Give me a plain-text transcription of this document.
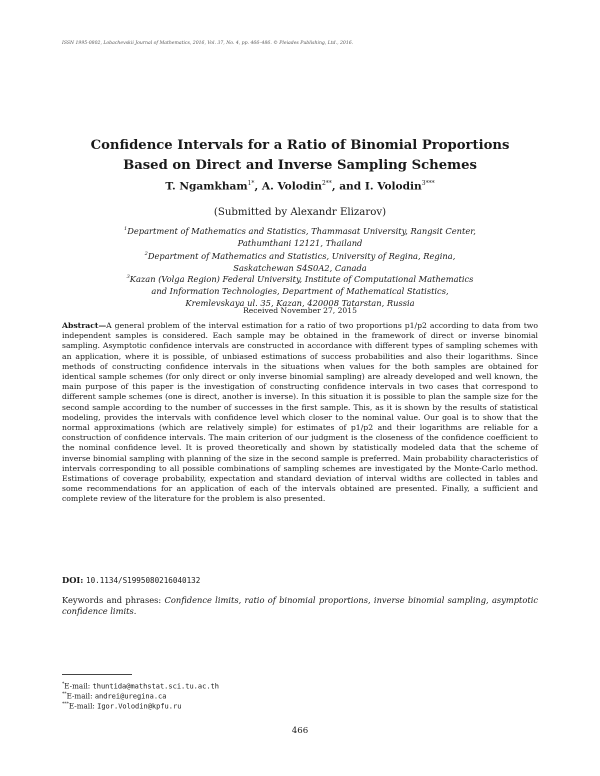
ISSN 1995-0802, Lobachevskii Journal of Mathematics, 2016, Vol. 37, No. 4, pp. 466–486. © Pleiades Publishing, Ltd., 2016.
Confidence Intervals for a Ratio of Binomial Proportions
Based on Direct and Inverse Sampling Schemes
T. Ngamkham$^{1*}$, A. Volodin$^{2**}$, and I. Volodin$^{3***}$
(Submitted by Alexandr Elizarov)
$^1$Department of Mathematics and Statistics, Thammasat University, Rangsit Center,
Pathumthani 12121, Thailand
$^2$Department of Mathematics and Statistics, University of Regina, Regina,
Saskatchewan S4S0A2, Canada
$^3$Kazan (Volga Region) Federal University, Institute of Computational Mathematics
and Information Technologies, Department of Mathematical Statistics,
Kremlevskaya ul. 35, Kazan, 420008 Tatarstan, Russia
Received November 27, 2015
Abstract—A general problem of the interval estimation for a ratio of two proportions p1/p2 according to data from two independent samples is considered. Each sample may be obtained in the framework of direct or inverse binomial sampling. Asymptotic confidence intervals are constructed in accordance with different types of sampling schemes with an application, where it is possible, of unbiased estimations of success probabilities and also their logarithms. Since methods of constructing confidence intervals in the situations when values for the both samples are obtained for identical sample schemes (for only direct or only inverse binomial sampling) are already developed and well known, the main purpose of this paper is the investigation of constructing confidence intervals in two cases that correspond to different sample schemes (one is direct, another is inverse). In this situation it is possible to plan the sample size for the second sample according to the number of successes in the first sample. This, as it is shown by the results of statistical modeling, provides the intervals with confidence level which closer to the nominal value. Our goal is to show that the normal approximations (which are relatively simple) for estimates of p1/p2 and their logarithms are reliable for a construction of confidence intervals. The main criterion of our judgment is the closeness of the confidence coefficient to the nominal confidence level. It is proved theoretically and shown by statistically modeled data that the scheme of inverse binomial sampling with planning of the size in the second sample is preferred. Main probability characteristics of intervals corresponding to all possible combinations of sampling schemes are investigated by the Monte-Carlo method. Estimations of coverage probability, expectation and standard deviation of interval widths are collected in tables and some recommendations for an application of each of the intervals obtained are presented. Finally, a sufficient and complete review of the literature for the problem is also presented.
DOI: 10.1134/S1995080216040132
Keywords and phrases: Confidence limits, ratio of binomial proportions, inverse binomial sampling, asymptotic confidence limits.
*E-mail: thuntida@mathstat.sci.tu.ac.th
**E-mail: andrei@uregina.ca
***E-mail: Igor.Volodin@kpfu.ru
466
